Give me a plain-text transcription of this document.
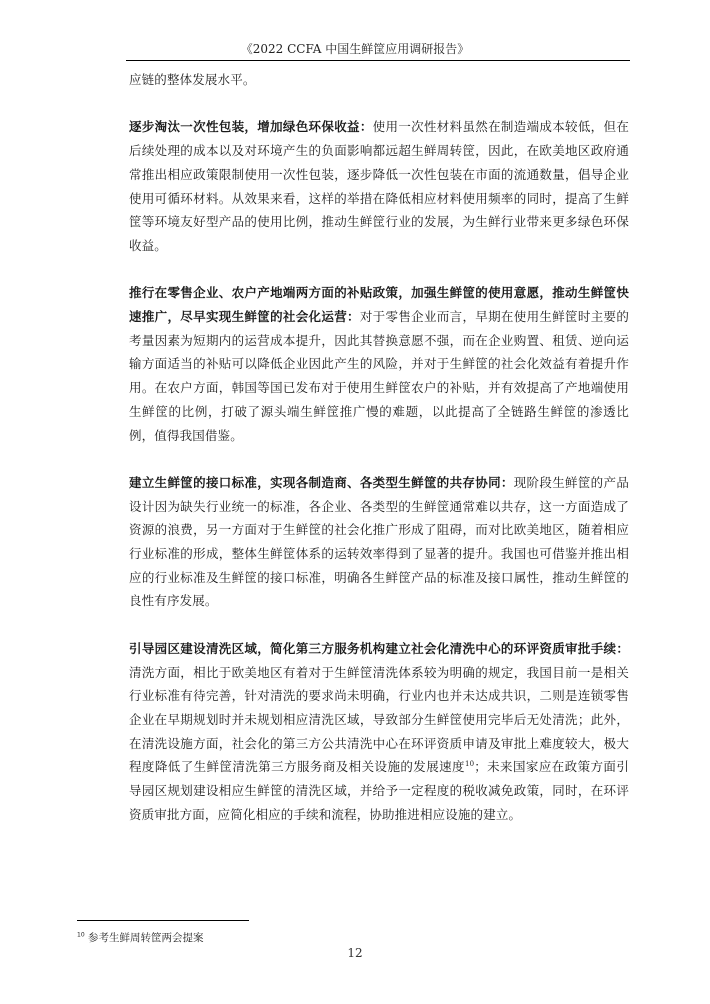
《2022 CCFA 中国生鲜筐应用调研报告》

应链的整体发展水平。

逐步淘汰一次性包装，增加绿色环保收益：使用一次性材料虽然在制造端成本较低，但在后续处理的成本以及对环境产生的负面影响都远超生鲜周转筐，因此，在欧美地区政府通常推出相应政策限制使用一次性包装，逐步降低一次性包装在市面的流通数量，倡导企业使用可循环材料。从效果来看，这样的举措在降低相应材料使用频率的同时，提高了生鲜筐等环境友好型产品的使用比例，推动生鲜筐行业的发展，为生鲜行业带来更多绿色环保收益。

推行在零售企业、农户产地端两方面的补贴政策，加强生鲜筐的使用意愿，推动生鲜筐快速推广，尽早实现生鲜筐的社会化运营：对于零售企业而言，早期在使用生鲜筐时主要的考量因素为短期内的运营成本提升，因此其替换意愿不强，而在企业购置、租赁、逆向运输方面适当的补贴可以降低企业因此产生的风险，并对于生鲜筐的社会化效益有着提升作用。在农户方面，韩国等国已发布对于使用生鲜筐农户的补贴，并有效提高了产地端使用生鲜筐的比例，打破了源头端生鲜筐推广慢的难题，以此提高了全链路生鲜筐的渗透比例，值得我国借鉴。

建立生鲜筐的接口标准，实现各制造商、各类型生鲜筐的共存协同：现阶段生鲜筐的产品设计因为缺失行业统一的标准，各企业、各类型的生鲜筐通常难以共存，这一方面造成了资源的浪费，另一方面对于生鲜筐的社会化推广形成了阻碍，而对比欧美地区，随着相应行业标准的形成，整体生鲜筐体系的运转效率得到了显著的提升。我国也可借鉴并推出相应的行业标准及生鲜筐的接口标准，明确各生鲜筐产品的标准及接口属性，推动生鲜筐的良性有序发展。

引导园区建设清洗区域，简化第三方服务机构建立社会化清洗中心的环评资质审批手续：清洗方面，相比于欧美地区有着对于生鲜筐清洗体系较为明确的规定，我国目前一是相关行业标准有待完善，针对清洗的要求尚未明确，行业内也并未达成共识，二则是连锁零售企业在早期规划时并未规划相应清洗区域，导致部分生鲜筐使用完毕后无处清洗；此外，在清洗设施方面，社会化的第三方公共清洗中心在环评资质申请及审批上难度较大，极大程度降低了生鲜筐清洗第三方服务商及相关设施的发展速度$^{10}$；未来国家应在政策方面引导园区规划建设相应生鲜筐的清洗区域，并给予一定程度的税收减免政策，同时，在环评资质审批方面，应简化相应的手续和流程，协助推进相应设施的建立。

$^{10}$ 参考生鲜周转筐两会提案
12
